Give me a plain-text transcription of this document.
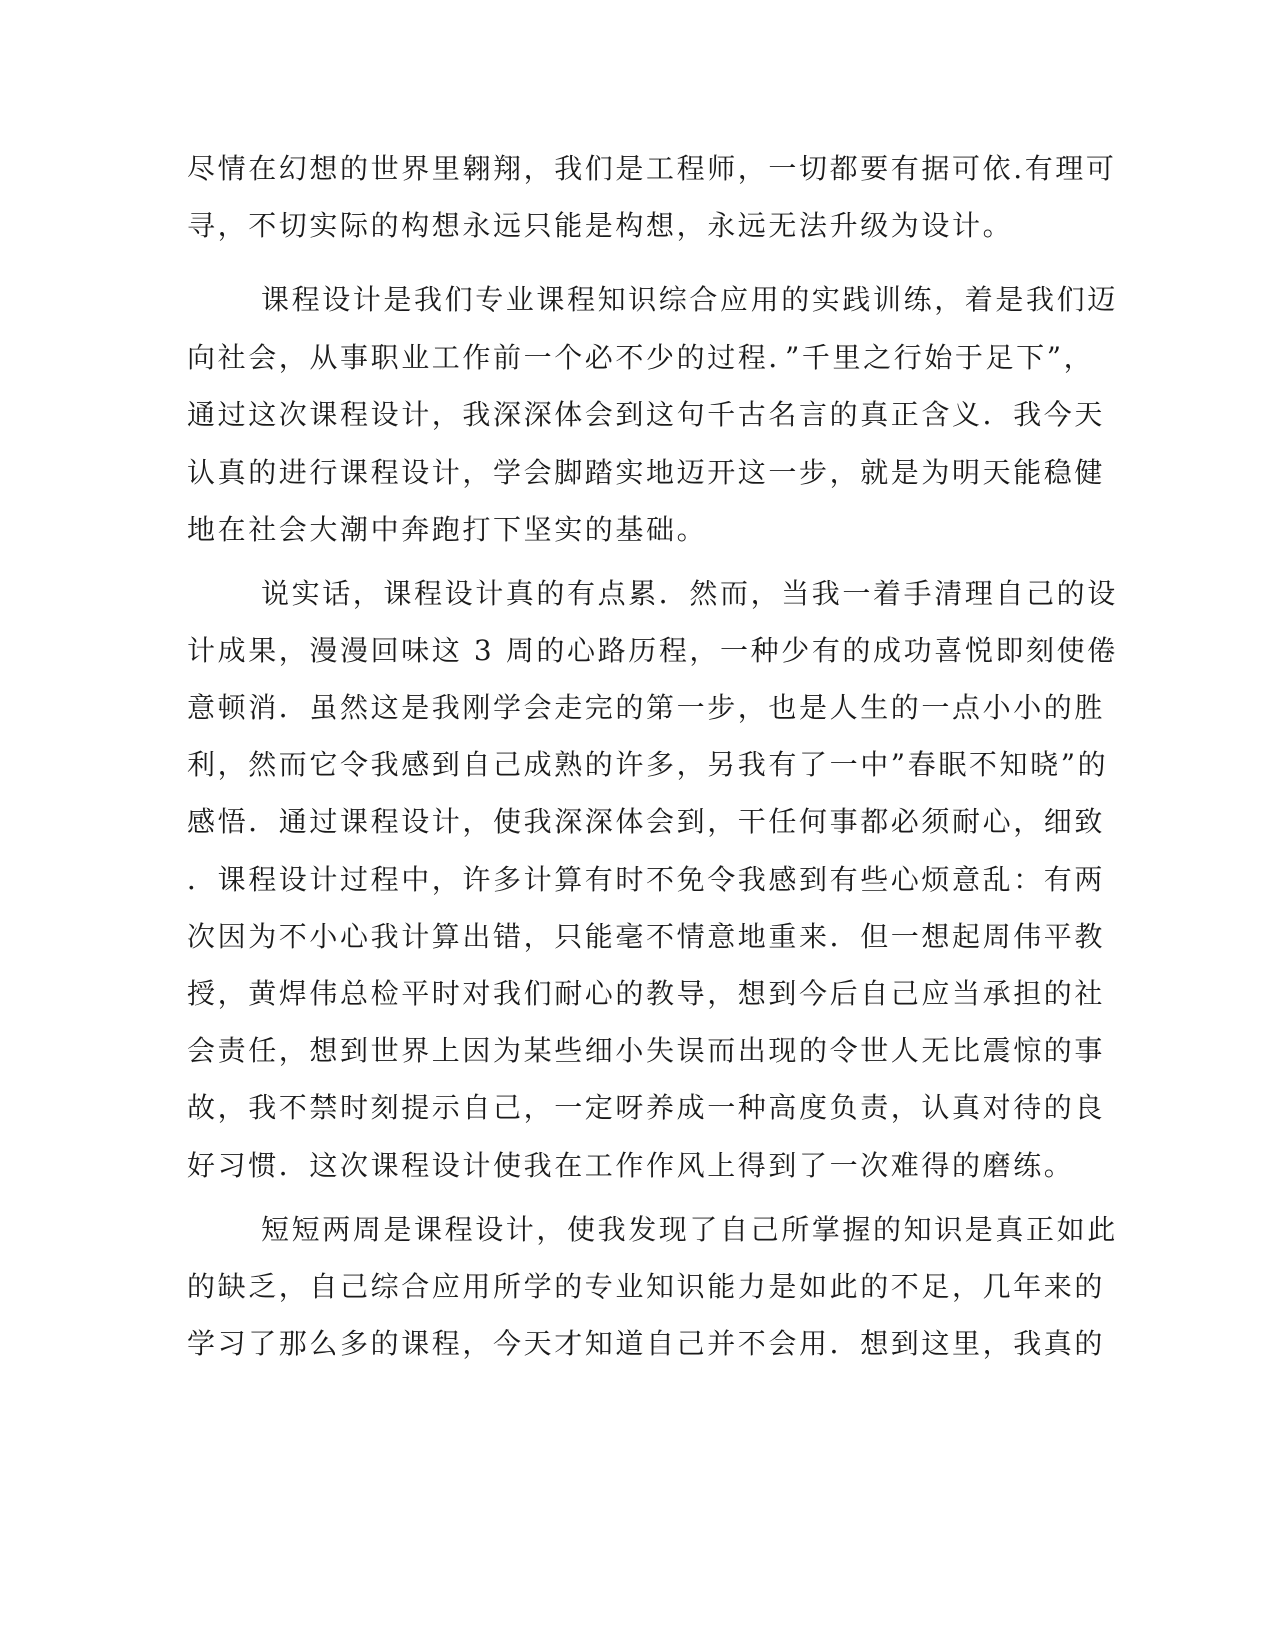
尽情在幻想的世界里翱翔，我们是工程师，一切都要有据可依.有理可
寻，不切实际的构想永远只能是构想，永远无法升级为设计。
课程设计是我们专业课程知识综合应用的实践训练，着是我们迈
向社会，从事职业工作前一个必不少的过程．”千里之行始于足下”，
通过这次课程设计，我深深体会到这句千古名言的真正含义．我今天
认真的进行课程设计，学会脚踏实地迈开这一步，就是为明天能稳健
地在社会大潮中奔跑打下坚实的基础。
说实话，课程设计真的有点累．然而，当我一着手清理自己的设
计成果，漫漫回味这 3 周的心路历程，一种少有的成功喜悦即刻使倦
意顿消．虽然这是我刚学会走完的第一步，也是人生的一点小小的胜
利，然而它令我感到自己成熟的许多，另我有了一中”春眠不知晓”的
感悟．通过课程设计，使我深深体会到，干任何事都必须耐心，细致
．课程设计过程中，许多计算有时不免令我感到有些心烦意乱：有两
次因为不小心我计算出错，只能毫不情意地重来．但一想起周伟平教
授，黄焊伟总检平时对我们耐心的教导，想到今后自己应当承担的社
会责任，想到世界上因为某些细小失误而出现的令世人无比震惊的事
故，我不禁时刻提示自己，一定呀养成一种高度负责，认真对待的良
好习惯．这次课程设计使我在工作作风上得到了一次难得的磨练。
短短两周是课程设计，使我发现了自己所掌握的知识是真正如此
的缺乏，自己综合应用所学的专业知识能力是如此的不足，几年来的
学习了那么多的课程，今天才知道自己并不会用．想到这里，我真的
